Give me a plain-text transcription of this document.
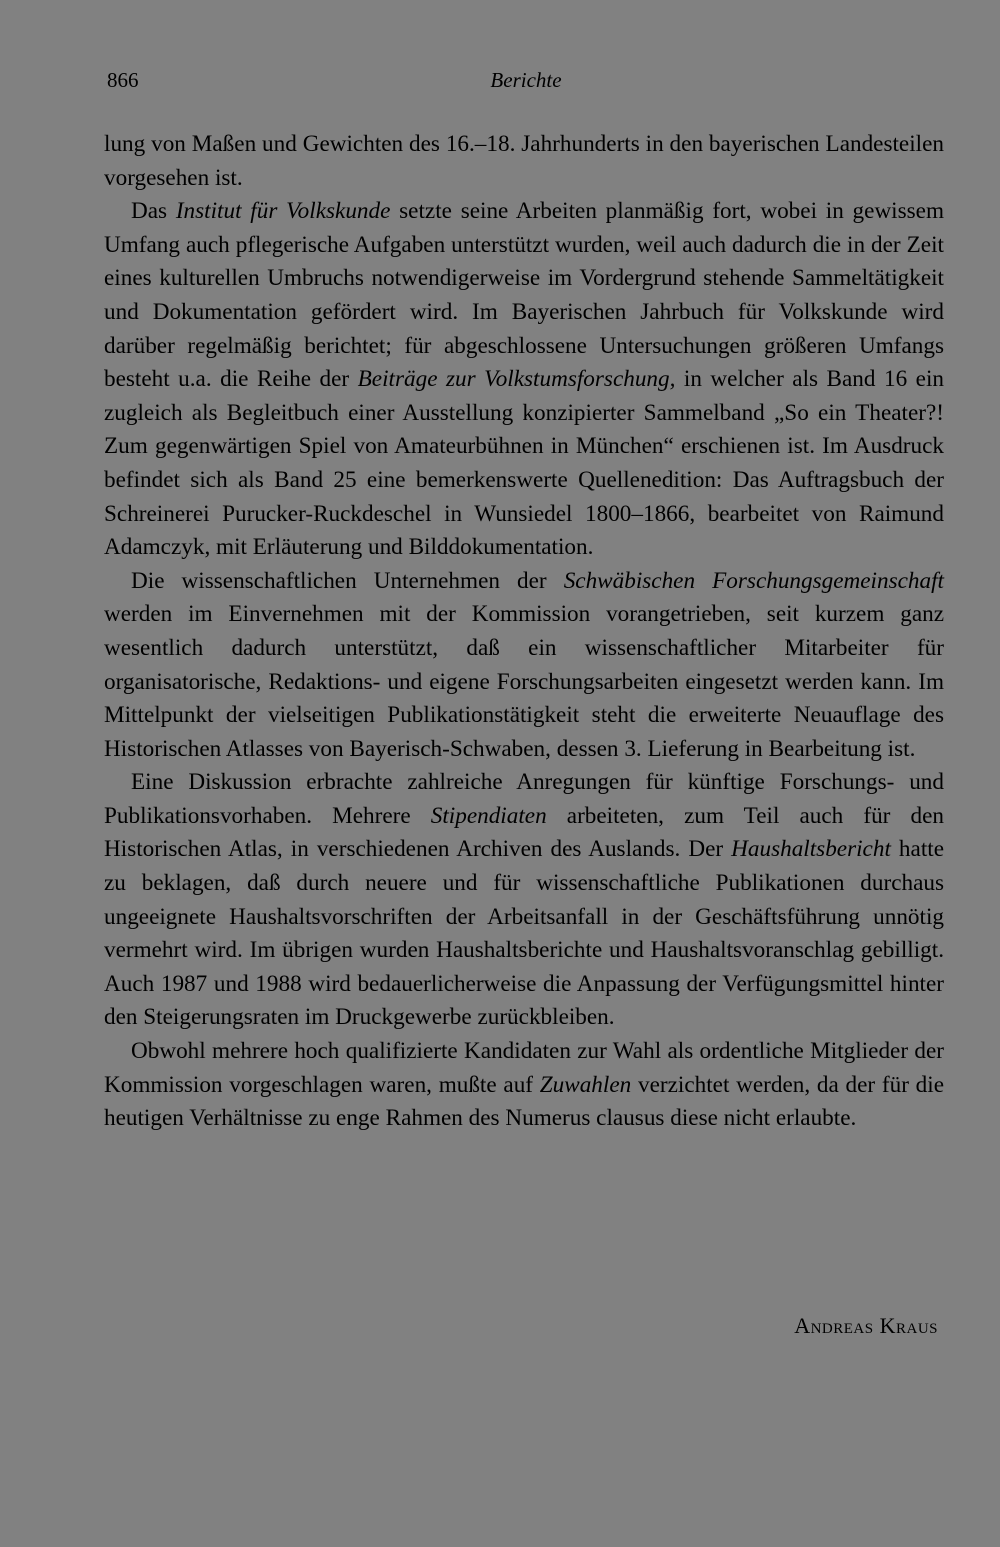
866	Berichte

lung von Maßen und Gewichten des 16.–18. Jahrhunderts in den bayerischen Landesteilen vorgesehen ist.

Das Institut für Volkskunde setzte seine Arbeiten planmäßig fort, wobei in gewissem Umfang auch pflegerische Aufgaben unterstützt wurden, weil auch dadurch die in der Zeit eines kulturellen Umbruchs notwendigerweise im Vordergrund stehende Sammeltätigkeit und Dokumentation gefördert wird. Im Bayerischen Jahrbuch für Volkskunde wird darüber regelmäßig berichtet; für abgeschlossene Untersuchungen größeren Umfangs besteht u.a. die Reihe der Beiträge zur Volkstumsforschung, in welcher als Band 16 ein zugleich als Begleitbuch einer Ausstellung konzipierter Sammelband „So ein Theater?! Zum gegenwärtigen Spiel von Amateurbühnen in München“ erschienen ist. Im Ausdruck befindet sich als Band 25 eine bemerkenswerte Quellenedition: Das Auftragsbuch der Schreinerei Purucker-Ruckdeschel in Wunsiedel 1800–1866, bearbeitet von Raimund Adamczyk, mit Erläuterung und Bilddokumentation.

Die wissenschaftlichen Unternehmen der Schwäbischen Forschungsgemeinschaft werden im Einvernehmen mit der Kommission vorangetrieben, seit kurzem ganz wesentlich dadurch unterstützt, daß ein wissenschaftlicher Mitarbeiter für organisatorische, Redaktions- und eigene Forschungsarbeiten eingesetzt werden kann. Im Mittelpunkt der vielseitigen Publikationstätigkeit steht die erweiterte Neuauflage des Historischen Atlasses von Bayerisch-Schwaben, dessen 3. Lieferung in Bearbeitung ist.

Eine Diskussion erbrachte zahlreiche Anregungen für künftige Forschungs- und Publikationsvorhaben. Mehrere Stipendiaten arbeiteten, zum Teil auch für den Historischen Atlas, in verschiedenen Archiven des Auslands. Der Haushaltsbericht hatte zu beklagen, daß durch neuere und für wissenschaftliche Publikationen durchaus ungeeignete Haushaltsvorschriften der Arbeitsanfall in der Geschäftsführung unnötig vermehrt wird. Im übrigen wurden Haushaltsberichte und Haushaltsvoranschlag gebilligt. Auch 1987 und 1988 wird bedauerlicherweise die Anpassung der Verfügungsmittel hinter den Steigerungsraten im Druckgewerbe zurückbleiben.

Obwohl mehrere hoch qualifizierte Kandidaten zur Wahl als ordentliche Mitglieder der Kommission vorgeschlagen waren, mußte auf Zuwahlen verzichtet werden, da der für die heutigen Verhältnisse zu enge Rahmen des Numerus clausus diese nicht erlaubte.

Andreas Kraus
